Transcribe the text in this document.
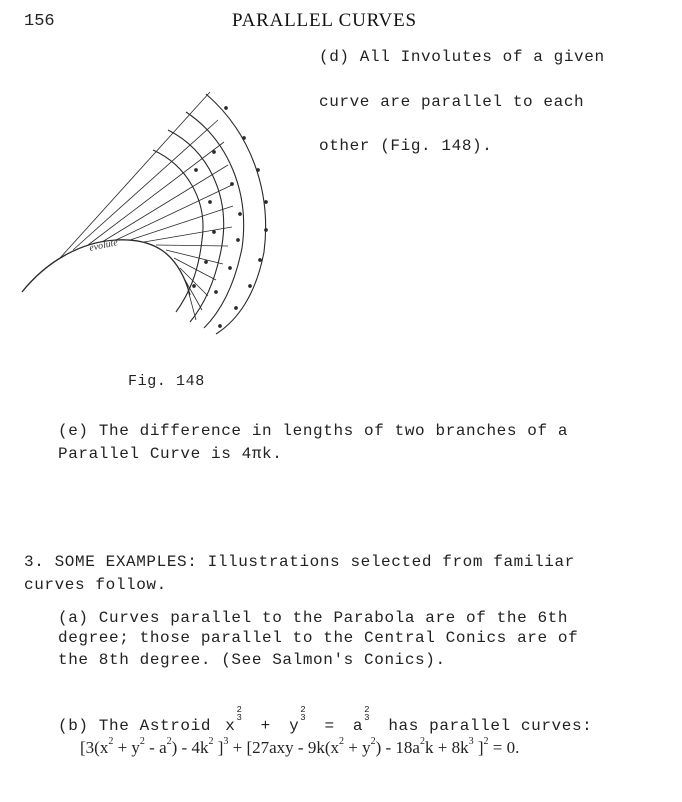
156	PARALLEL CURVES
(d) All Involutes of a given
curve are parallel to each
other (Fig. 148).
evolute
Fig. 148
(e) The difference in lengths of two branches of a
Parallel Curve is 4πk.
3. SOME EXAMPLES: Illustrations selected from familiar
curves follow.
(a) Curves parallel to the Parabola are of the 6th
degree; those parallel to the Central Conics are of
the 8th degree. (See Salmon's Conics).
(b) The Astroid x
2
3 + y
2
3 = a
2
3 has parallel curves:
[$3(x^2 + y^2 - a^2) - 4k^2$ ]$^3 + [27axy - 9k(x^2 + y^2) - 18a^2k + 8k^3$ ]$^2$ = 0.
